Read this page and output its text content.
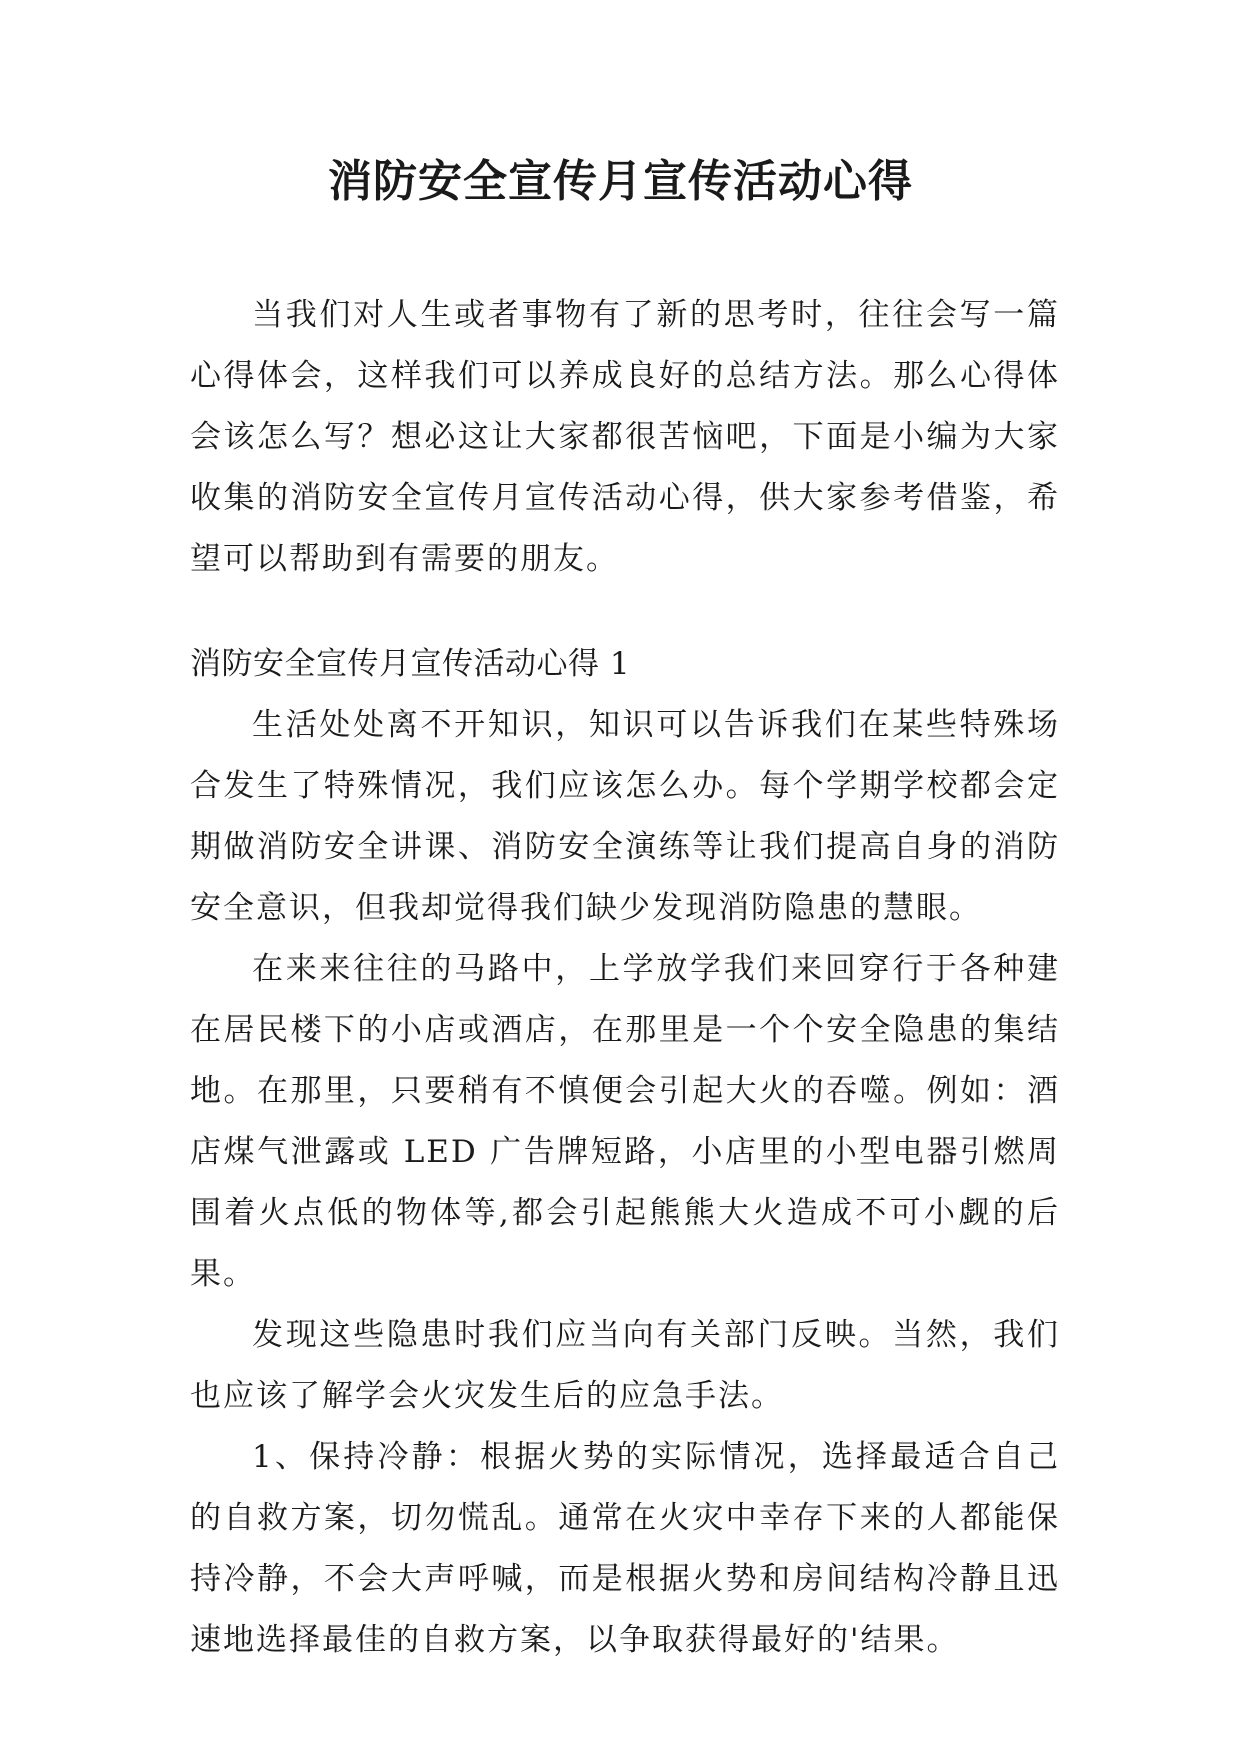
消防安全宣传月宣传活动心得

当我们对人生或者事物有了新的思考时，往往会写一篇心得体会，这样我们可以养成良好的总结方法。那么心得体会该怎么写？想必这让大家都很苦恼吧，下面是小编为大家收集的消防安全宣传月宣传活动心得，供大家参考借鉴，希望可以帮助到有需要的朋友。

消防安全宣传月宣传活动心得 1

生活处处离不开知识，知识可以告诉我们在某些特殊场合发生了特殊情况，我们应该怎么办。每个学期学校都会定期做消防安全讲课、消防安全演练等让我们提高自身的消防安全意识，但我却觉得我们缺少发现消防隐患的慧眼。

在来来往往的马路中，上学放学我们来回穿行于各种建在居民楼下的小店或酒店，在那里是一个个安全隐患的集结地。在那里，只要稍有不慎便会引起大火的吞噬。例如：酒店煤气泄露或 LED 广告牌短路，小店里的小型电器引燃周围着火点低的物体等,都会引起熊熊大火造成不可小觑的后果。

发现这些隐患时我们应当向有关部门反映。当然，我们也应该了解学会火灾发生后的应急手法。

1、保持冷静：根据火势的实际情况，选择最适合自己的自救方案，切勿慌乱。通常在火灾中幸存下来的人都能保持冷静，不会大声呼喊，而是根据火势和房间结构冷静且迅速地选择最佳的自救方案，以争取获得最好的'结果。
